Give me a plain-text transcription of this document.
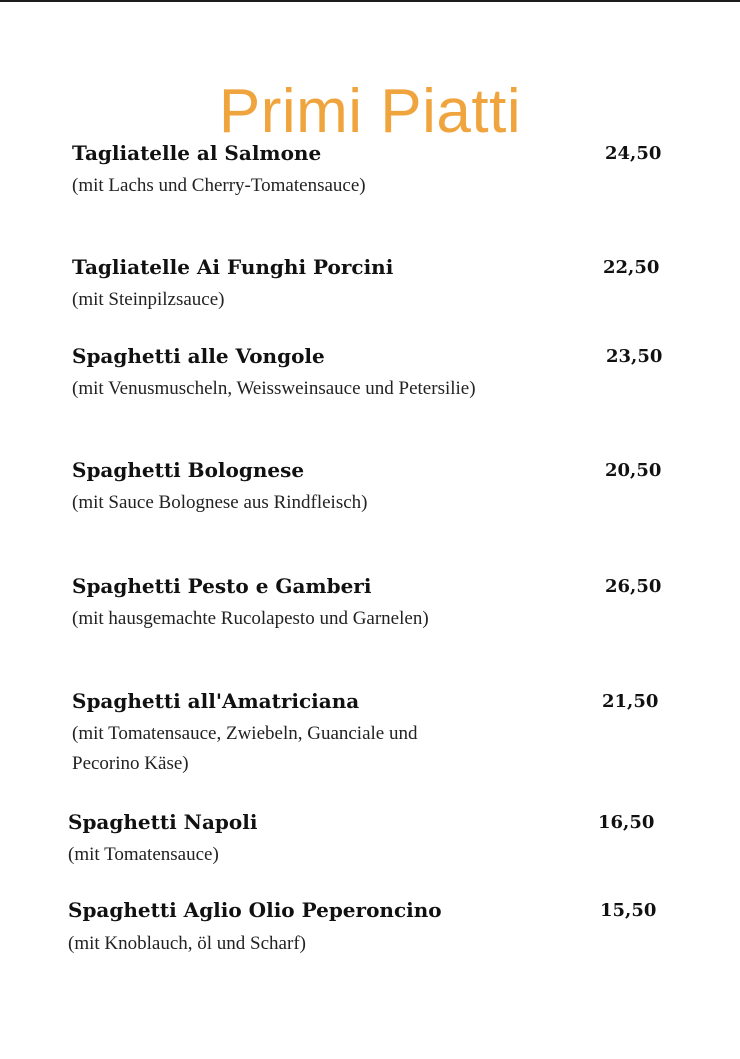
Primi Piatti
Tagliatelle al Salmone	24,50
(mit Lachs und Cherry-Tomatensauce)
Tagliatelle Ai Funghi Porcini	22,50
(mit Steinpilzsauce)
Spaghetti alle Vongole	23,50
(mit Venusmuscheln, Weissweinsauce und Petersilie)
Spaghetti Bolognese	20,50
(mit Sauce Bolognese aus Rindfleisch)
Spaghetti Pesto e Gamberi	26,50
(mit hausgemachte Rucolapesto und Garnelen)
Spaghetti all'Amatriciana	21,50
(mit Tomatensauce, Zwiebeln, Guanciale und Pecorino Käse)
Spaghetti Napoli	16,50
(mit Tomatensauce)
Spaghetti Aglio Olio Peperoncino	15,50
(mit Knoblauch, öl und Scharf)
